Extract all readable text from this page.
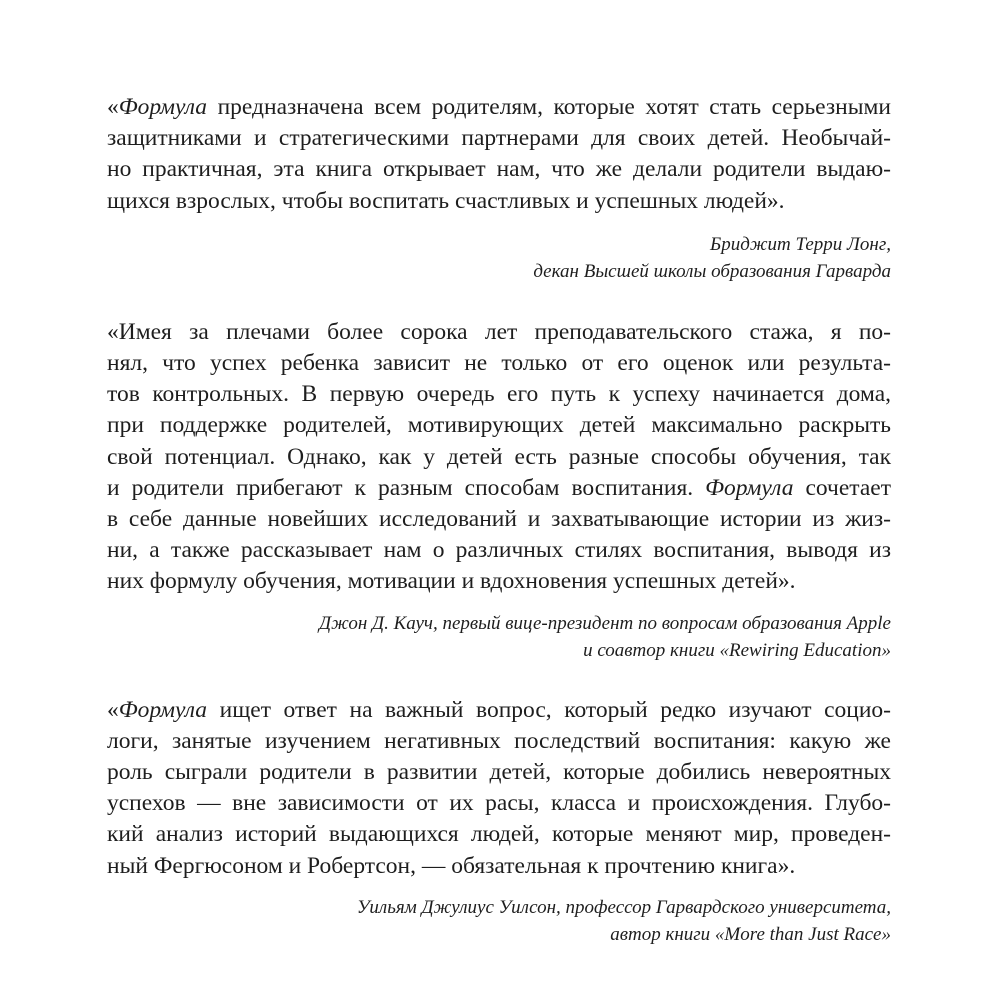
«Формула предназначена всем родителям, которые хотят стать серьезными
защитниками и стратегическими партнерами для своих детей. Необычай-
но практичная, эта книга открывает нам, что же делали родители выдаю-
щихся взрослых, чтобы воспитать счастливых и успешных людей».

Бриджит Терри Лонг,
декан Высшей школы образования Гарварда

«Имея за плечами более сорока лет преподавательского стажа, я по-
нял, что успех ребенка зависит не только от его оценок или результа-
тов контрольных. В первую очередь его путь к успеху начинается дома,
при поддержке родителей, мотивирующих детей максимально раскрыть
свой потенциал. Однако, как у детей есть разные способы обучения, так
и родители прибегают к разным способам воспитания. Формула сочетает
в себе данные новейших исследований и захватывающие истории из жиз-
ни, а также рассказывает нам о различных стилях воспитания, выводя из
них формулу обучения, мотивации и вдохновения успешных детей».

Джон Д. Кауч, первый вице-президент по вопросам образования Apple
и соавтор книги «Rewiring Education»

«Формула ищет ответ на важный вопрос, который редко изучают социо-
логи, занятые изучением негативных последствий воспитания: какую же
роль сыграли родители в развитии детей, которые добились невероятных
успехов — вне зависимости от их расы, класса и происхождения. Глубо-
кий анализ историй выдающихся людей, которые меняют мир, проведен-
ный Фергюсоном и Робертсон, — обязательная к прочтению книга».

Уильям Джулиус Уилсон, профессор Гарвардского университета,
автор книги «More than Just Race»
